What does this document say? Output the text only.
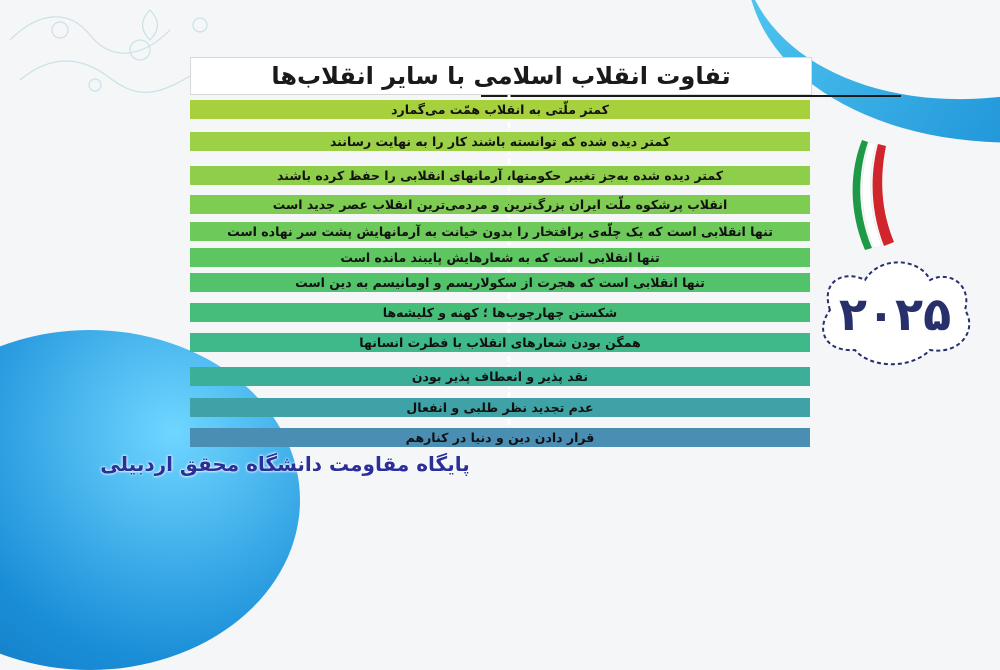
تفاوت انقلاب اسلامی با سایر انقلاب‌ها
کمتر ملّتی به انقلاب همّت می‌گمارد
کمتر دیده شده که توانسته باشند کار را به نهایت رسانند
کمتر دیده شده به‌جز تغییر حکومتها، آرمانهای انقلابی را حفظ کرده باشند
انقلاب پرشکوه ملّت ایران بزرگ‌ترین و مردمی‌ترین انقلاب عصر جدید است
تنها انقلابی است که یک چلّه‌ی پرافتخار را بدون خیانت به آرمانهایش پشت سر نهاده است
تنها انقلابی است که به شعارهایش پایبند مانده است
تنها انقلابی است که هجرت از سکولاریسم و اومانیسم به دین است
شکستن چهارچوب‌ها ؛ کهنه و کلیشه‌ها
همگن بودن شعارهای انقلاب با فطرت انسانها
نقد پذیر و انعطاف پذیر بودن
عدم تجدید نظر طلبی و انفعال
قرار دادن دین و دنیا در کنارهم
۲۰۲۵
پایگاه مقاومت دانشگاه محقق اردبیلی
